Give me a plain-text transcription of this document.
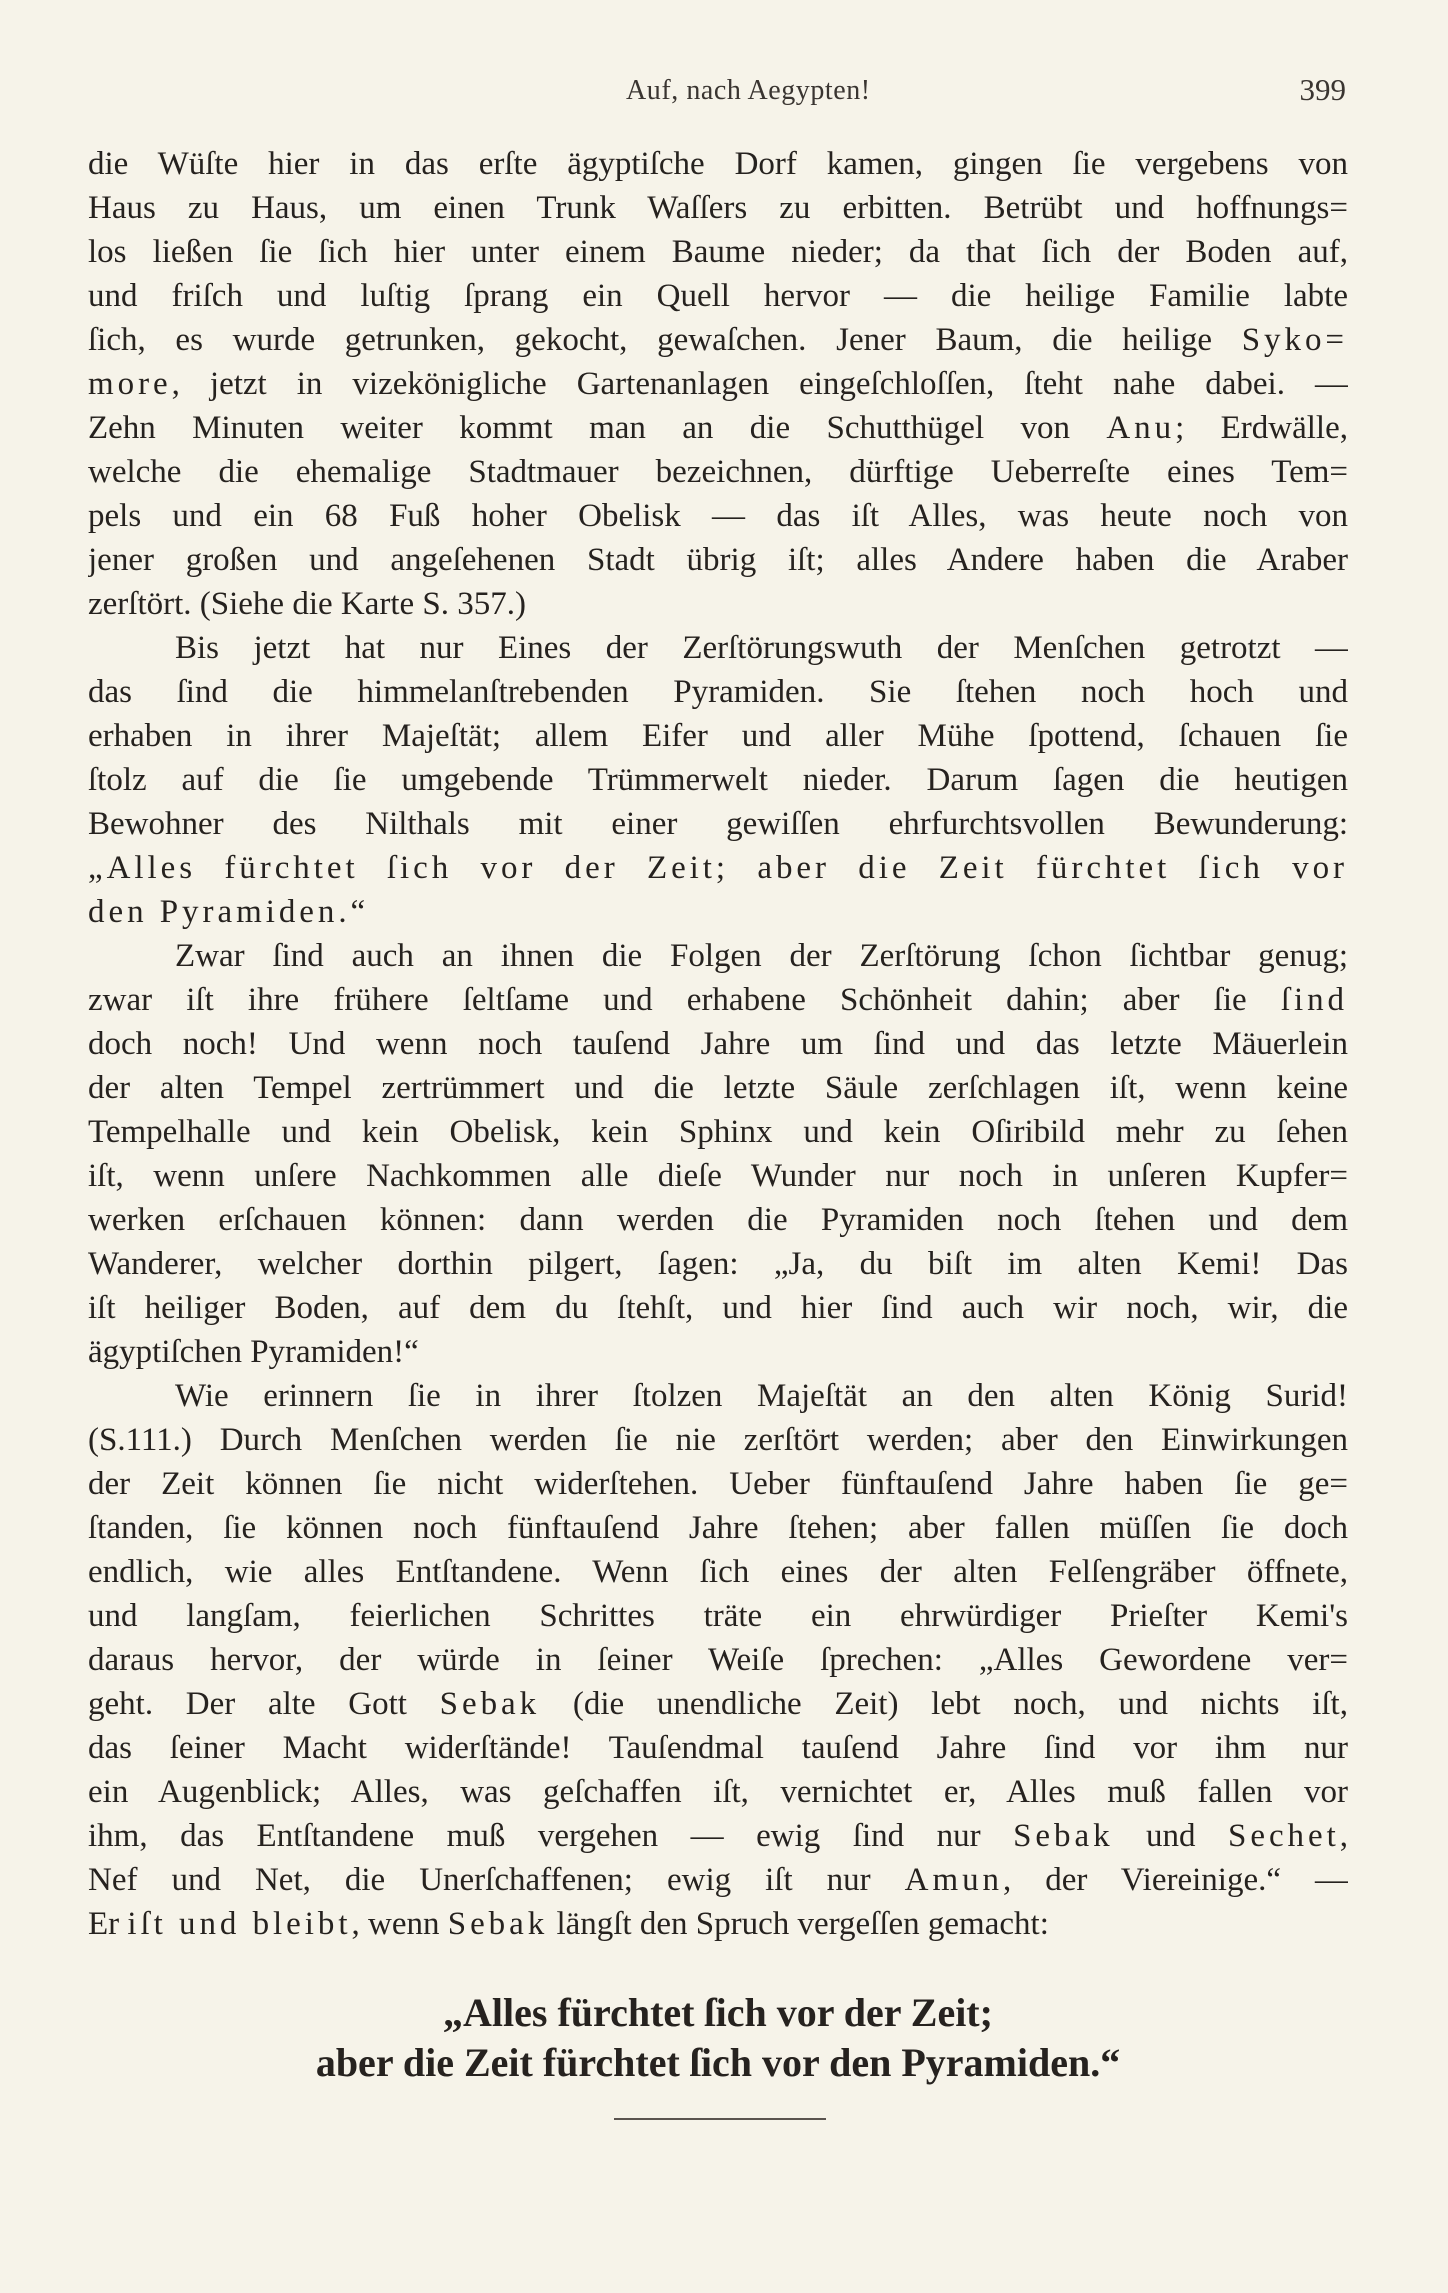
Auf, nach Aegypten!	399
die Wüſte hier in das erſte ägyptiſche Dorf kamen, gingen ſie vergebens von
Haus zu Haus, um einen Trunk Waſſers zu erbitten. Betrübt und hoffnungs=
los ließen ſie ſich hier unter einem Baume nieder; da that ſich der Boden auf,
und friſch und luſtig ſprang ein Quell hervor — die heilige Familie labte
ſich, es wurde getrunken, gekocht, gewaſchen. Jener Baum, die heilige Syko=
more, jetzt in vizekönigliche Gartenanlagen eingeſchloſſen, ſteht nahe dabei. —
Zehn Minuten weiter kommt man an die Schutthügel von Anu; Erdwälle,
welche die ehemalige Stadtmauer bezeichnen, dürftige Ueberreſte eines Tem=
pels und ein 68 Fuß hoher Obelisk — das iſt Alles, was heute noch von
jener großen und angeſehenen Stadt übrig iſt; alles Andere haben die Araber
zerſtört. (Siehe die Karte S. 357.)
Bis jetzt hat nur Eines der Zerſtörungswuth der Menſchen getrotzt —
das ſind die himmelanſtrebenden Pyramiden. Sie ſtehen noch hoch und
erhaben in ihrer Majeſtät; allem Eifer und aller Mühe ſpottend, ſchauen ſie
ſtolz auf die ſie umgebende Trümmerwelt nieder. Darum ſagen die heutigen
Bewohner des Nilthals mit einer gewiſſen ehrfurchtsvollen Bewunderung:
„Alles fürchtet ſich vor der Zeit; aber die Zeit fürchtet ſich vor
den Pyramiden.“
Zwar ſind auch an ihnen die Folgen der Zerſtörung ſchon ſichtbar genug;
zwar iſt ihre frühere ſeltſame und erhabene Schönheit dahin; aber ſie ſind
doch noch! Und wenn noch tauſend Jahre um ſind und das letzte Mäuerlein
der alten Tempel zertrümmert und die letzte Säule zerſchlagen iſt, wenn keine
Tempelhalle und kein Obelisk, kein Sphinx und kein Oſiribild mehr zu ſehen
iſt, wenn unſere Nachkommen alle dieſe Wunder nur noch in unſeren Kupfer=
werken erſchauen können: dann werden die Pyramiden noch ſtehen und dem
Wanderer, welcher dorthin pilgert, ſagen: „Ja, du biſt im alten Kemi! Das
iſt heiliger Boden, auf dem du ſtehſt, und hier ſind auch wir noch, wir, die
ägyptiſchen Pyramiden!“
Wie erinnern ſie in ihrer ſtolzen Majeſtät an den alten König Surid!
(S.111.) Durch Menſchen werden ſie nie zerſtört werden; aber den Einwirkungen
der Zeit können ſie nicht widerſtehen. Ueber fünftauſend Jahre haben ſie ge=
ſtanden, ſie können noch fünftauſend Jahre ſtehen; aber fallen müſſen ſie doch
endlich, wie alles Entſtandene. Wenn ſich eines der alten Felſengräber öffnete,
und langſam, feierlichen Schrittes träte ein ehrwürdiger Prieſter Kemi's
daraus hervor, der würde in ſeiner Weiſe ſprechen: „Alles Gewordene ver=
geht. Der alte Gott Sebak (die unendliche Zeit) lebt noch, und nichts iſt,
das ſeiner Macht widerſtände! Tauſendmal tauſend Jahre ſind vor ihm nur
ein Augenblick; Alles, was geſchaffen iſt, vernichtet er, Alles muß fallen vor
ihm, das Entſtandene muß vergehen — ewig ſind nur Sebak und Sechet,
Nef und Net, die Unerſchaffenen; ewig iſt nur Amun, der Viereinige.“ —
Er iſt und bleibt, wenn Sebak längſt den Spruch vergeſſen gemacht:
„Alles fürchtet ſich vor der Zeit;
aber die Zeit fürchtet ſich vor den Pyramiden.“
